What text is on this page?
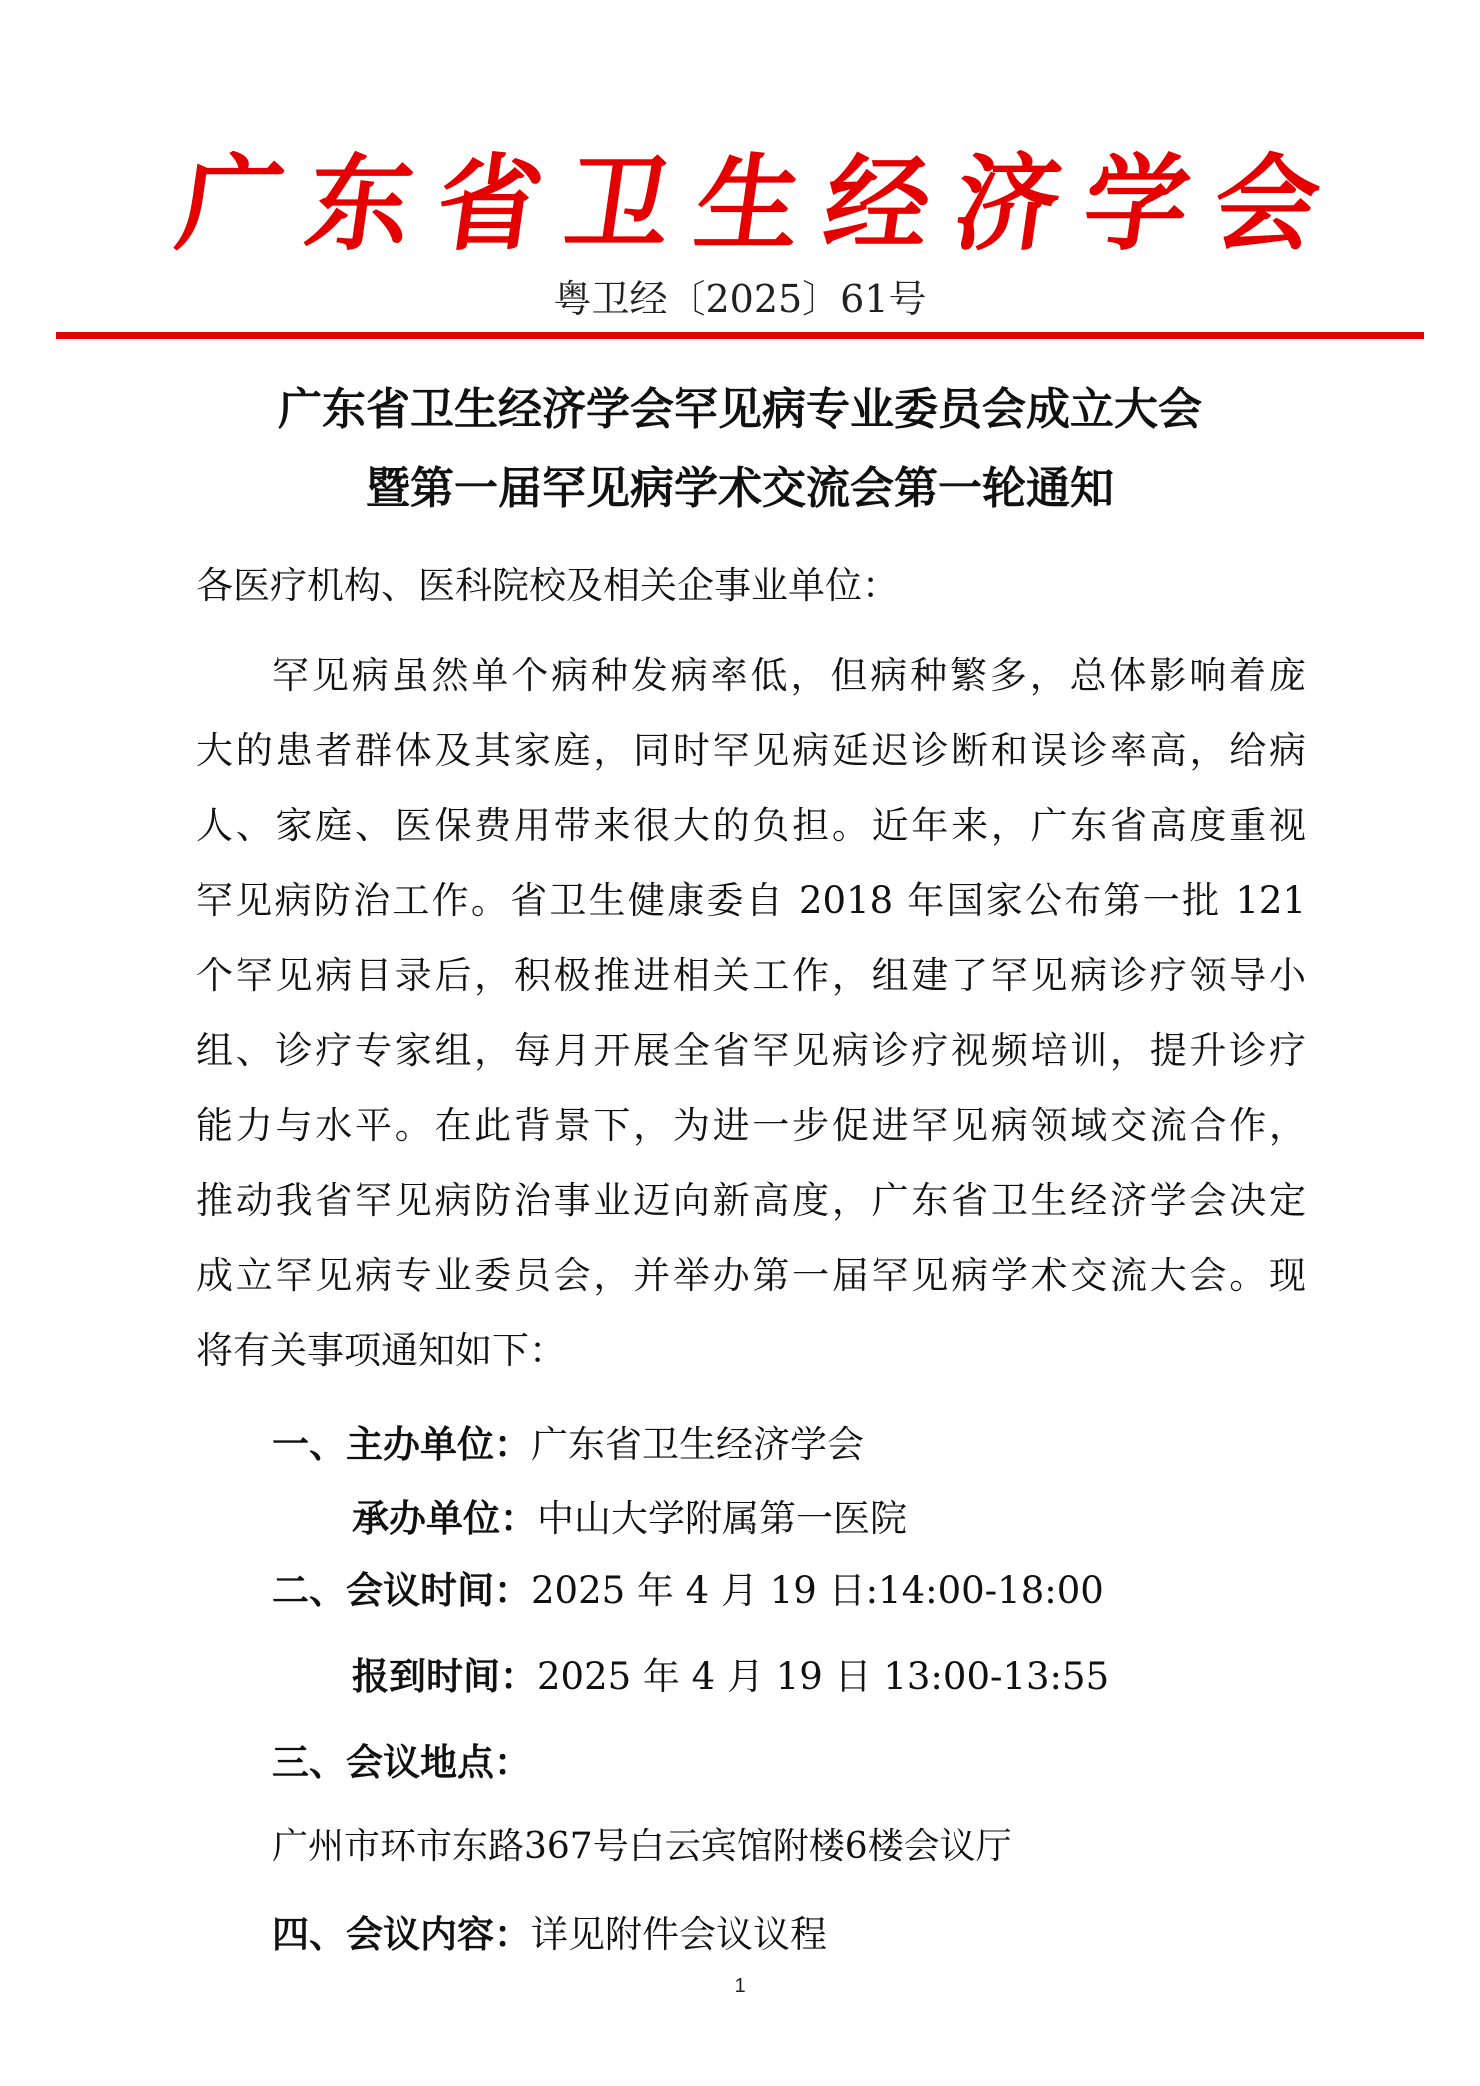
广 东 省 卫 生 经 济 学 会
粤卫经〔2025〕61号
广东省卫生经济学会罕见病专业委员会成立大会
暨第一届罕见病学术交流会第一轮通知
各医疗机构、医科院校及相关企事业单位：
罕见病虽然单个病种发病率低，但病种繁多，总体影响着庞
大的患者群体及其家庭，同时罕见病延迟诊断和误诊率高，给病
人、家庭、医保费用带来很大的负担。近年来，广东省高度重视
罕见病防治工作。省卫生健康委自 2018 年国家公布第一批 121
个罕见病目录后，积极推进相关工作，组建了罕见病诊疗领导小
组、诊疗专家组，每月开展全省罕见病诊疗视频培训，提升诊疗
能力与水平。在此背景下，为进一步促进罕见病领域交流合作，
推动我省罕见病防治事业迈向新高度，广东省卫生经济学会决定
成立罕见病专业委员会，并举办第一届罕见病学术交流大会。现
将有关事项通知如下：
一、主办单位：广东省卫生经济学会
承办单位：中山大学附属第一医院
二、会议时间：2025 年 4 月 19 日:14:00-18:00
报到时间：2025 年 4 月 19 日 13:00-13:55
三、会议地点：
广州市环市东路367号白云宾馆附楼6楼会议厅
四、会议内容：详见附件会议议程
1
